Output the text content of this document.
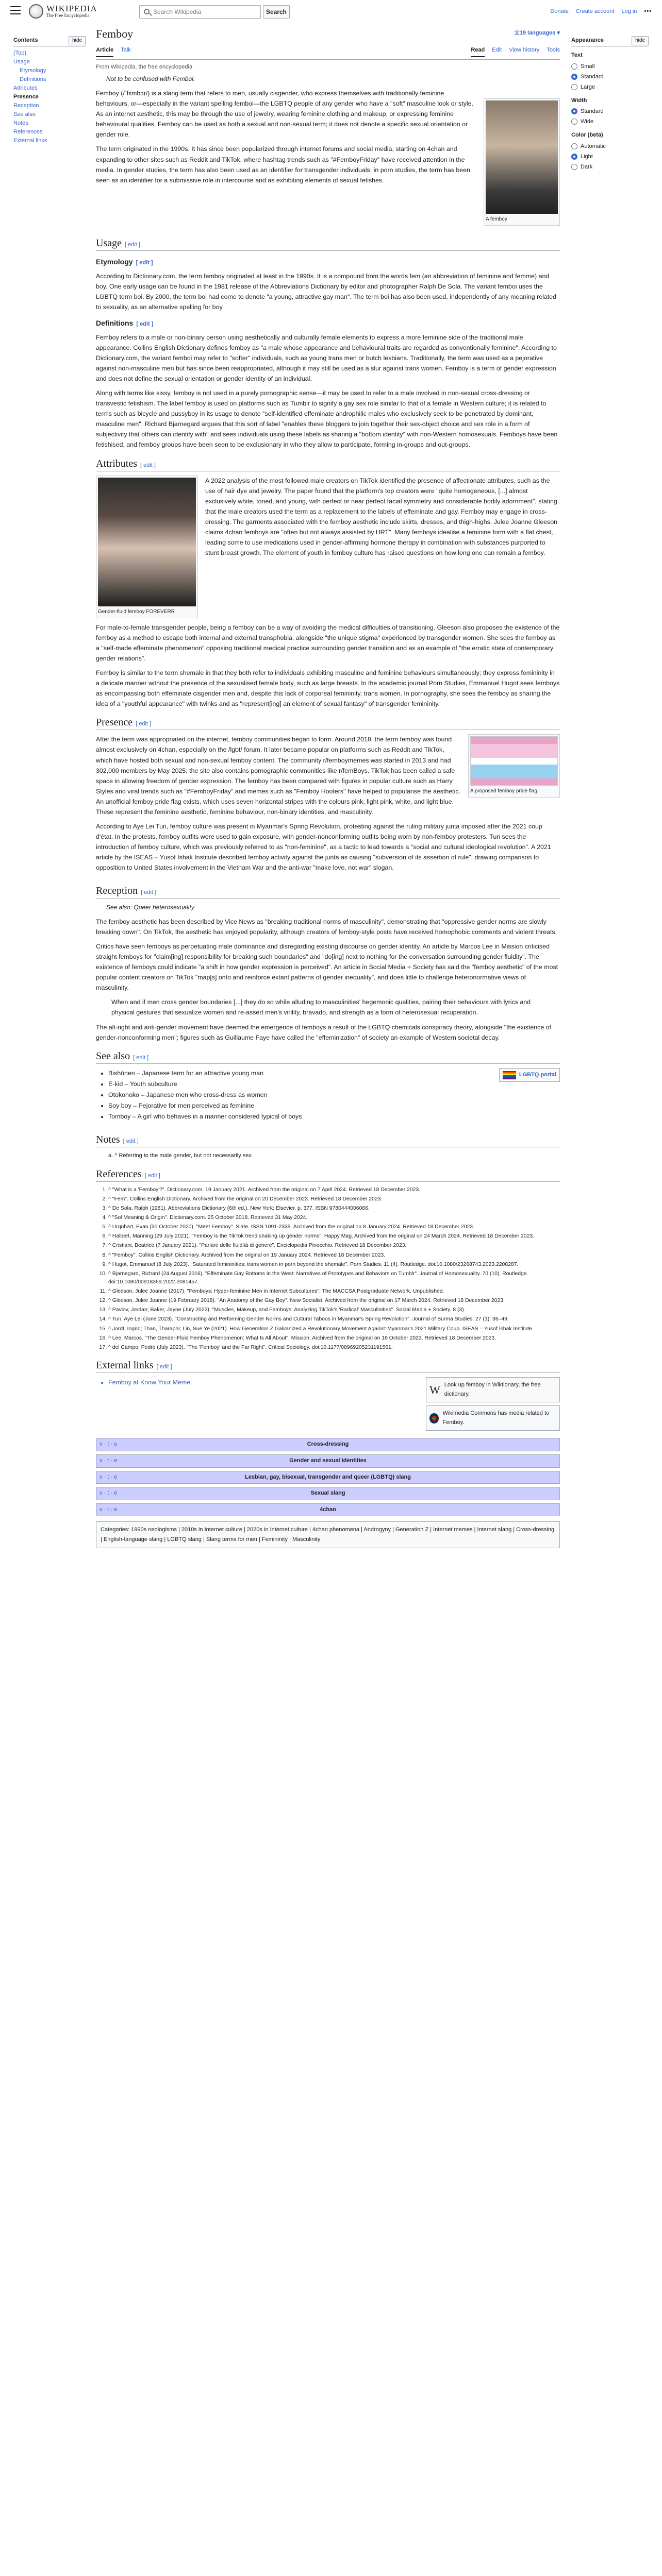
WIKIPEDIA
The Free Encyclopedia	Search Wikipedia	Search	Donate Create account Log in •••
Contents	hide
(Top)
Usage
Etymology
Definitions
Attributes
Presence
Reception
See also
Notes
References
External links
Appearance	hide
Text
Small
Standard
Large
Width
Standard
Wide
Color (beta)
Automatic
Light
Dark
Femboy	文19 languages ▾
Article Talk	Read Edit View history Tools
From Wikipedia, the free encyclopedia
Not to be confused with Femboi.
A femboy

Femboy (/ˈfɛmbɔɪ/) is a slang term that refers to men, usually cisgender, who express themselves with traditionally feminine behaviours, or—especially in the variant spelling femboi—the LGBTQ people of any gender who have a "soft" masculine look or style. As an internet aesthetic, this may be through the use of jewelry, wearing feminine clothing and makeup, or expressing feminine behavioural qualities. Femboy can be used as both a sexual and non-sexual term; it does not denote a specific sexual orientation or gender role.

The term originated in the 1990s. It has since been popularized through internet forums and social media, starting on 4chan and expanding to other sites such as Reddit and TikTok, where hashtag trends such as "#FemboyFriday" have received attention in the media. In gender studies, the term has also been used as an identifier for transgender individuals; in porn studies, the term has been seen as an identifier for a submissive role in intercourse and as exhibiting elements of sexual fetishes.

Usage [ edit ]
Etymology [ edit ]

According to Dictionary.com, the term femboy originated at least in the 1990s. It is a compound from the words fem (an abbreviation of feminine and femme) and boy. One early usage can be found in the 1981 release of the Abbreviations Dictionary by editor and photographer Ralph De Sola. The variant femboi uses the LGBTQ term boi. By 2000, the term boi had come to denote "a young, attractive gay man". The term boi has also been used, independently of any meaning related to sexuality, as an alternative spelling for boy.

Definitions [ edit ]

Femboy refers to a male or non-binary person using aesthetically and culturally female elements to express a more feminine side of the traditional male appearance. Collins English Dictionary defines femboy as "a male whose appearance and behavioural traits are regarded as conventionally feminine". According to Dictionary.com, the variant femboi may refer to "softer" individuals, such as young trans men or butch lesbians. Traditionally, the term was used as a pejorative against non-masculine men but has since been reappropriated, although it may still be used as a slur against trans women. Femboy is a term of gender expression and does not define the sexual orientation or gender identity of an individual.

Along with terms like sissy, femboy is not used in a purely pornographic sense—it may be used to refer to a male involved in non-sexual cross-dressing or transvestic fetishism. The label femboy is used on platforms such as Tumblr to signify a gay sex role similar to that of a female in Western culture; it is related to terms such as bicycle and pussyboy in its usage to denote "self-identified effeminate androphilic males who exclusively seek to be penetrated by dominant, masculine men". Richard Bjarnegard argues that this sort of label "enables these bloggers to join together their sex-object choice and sex role in a form of subjectivity that others can identify with" and sees individuals using these labels as sharing a "bottom identity" with non-Western homosexuals. Femboys have been fetishised, and femboy groups have been seen to be exclusionary in who they allow to participate, forming in-groups and out-groups.

Attributes [ edit ]
Gender-fluid femboy FOREVERR

A 2022 analysis of the most followed male creators on TikTok identified the presence of affectionate attributes, such as the use of hair dye and jewelry. The paper found that the platform's top creators were "quite homogeneous, [...] almost exclusively white, toned, and young, with perfect or near perfect facial symmetry and considerable bodily adornment", stating that the male creators used the term as a replacement to the labels of effeminate and gay. Femboy may engage in cross-dressing. The garments associated with the femboy aesthetic include skirts, dresses, and thigh-highs. Julee Joanne Gleeson claims 4chan femboys are "often but not always assisted by HRT". Many femboys idealise a feminine form with a flat chest, leading some to use medications used in gender-affirming hormone therapy in combination with substances purported to stunt breast growth. The element of youth in femboy culture has raised questions on how long one can remain a femboy.

For male-to-female transgender people, being a femboy can be a way of avoiding the medical difficulties of transitioning. Gleeson also proposes the existence of the femboy as a method to escape both internal and external transphobia, alongside "the unique stigma" experienced by transgender women. She sees the femboy as a "self-made effeminate phenomenon" opposing traditional medical practice surrounding gender transition and as an example of "the erratic state of contemporary gender relations".

Femboy is similar to the term shemale in that they both refer to individuals exhibiting masculine and feminine behaviours simultaneously; they express femininity in a delicate manner without the presence of the sexualised female body, such as large breasts. In the academic journal Porn Studies, Emmanuel Hugot sees femboys as encompassing both effeminate cisgender men and, despite this lack of corporeal femininity, trans women. In pornography, she sees the femboy as sharing the idea of a "youthful appearance" with twinks and as "represent[ing] an element of sexual fantasy" of transgender femininity.

Presence [ edit ]
A proposed femboy pride flag

After the term was appropriated on the internet, femboy communities began to form. Around 2018, the term femboy was found almost exclusively on 4chan, especially on the /lgbt/ forum. It later became popular on platforms such as Reddit and TikTok, which have hosted both sexual and non-sexual femboy content. The community r/femboymemes was started in 2013 and had 302,000 members by May 2025; the site also contains pornographic communities like r/femBoys. TikTok has been called a safe space in allowing freedom of gender expression. The femboy has been compared with figures in popular culture such as Harry Styles and viral trends such as "#FemboyFriday" and memes such as "Femboy Hooters" have helped to popularise the aesthetic. An unofficial femboy pride flag exists, which uses seven horizontal stripes with the colours pink, light pink, white, and light blue. These represent the feminine aesthetic, feminine behaviour, non-binary identities, and masculinity.

According to Aye Lei Tun, femboy culture was present in Myanmar's Spring Revolution, protesting against the ruling military junta imposed after the 2021 coup d'état. In the protests, femboy outfits were used to gain exposure, with gender-nonconforming outfits being worn by non-femboy protesters. Tun sees the introduction of femboy culture, which was previously referred to as "non-feminine", as a tactic to lead towards a "social and cultural ideological revolution". A 2021 article by the ISEAS – Yusof Ishak Institute described femboy activity against the junta as causing "subversion of its assertion of rule", drawing comparison to opposition to United States involvement in the Vietnam War and the anti-war "make love, not war" slogan.

Reception [ edit ]
See also: Queer heterosexuality

The femboy aesthetic has been described by Vice News as "breaking traditional norms of masculinity", demonstrating that "oppressive gender norms are slowly breaking down". On TikTok, the aesthetic has enjoyed popularity, although creators of femboy-style posts have received homophobic comments and violent threats.

Critics have seen femboys as perpetuating male dominance and disregarding existing discourse on gender identity. An article by Marcos Lee in Mission criticised straight femboys for "claim[ing] responsibility for breaking such boundaries" and "do[ing] next to nothing for the conversation surrounding gender fluidity". The existence of femboys could indicate "a shift in how gender expression is perceived". An article in Social Media + Society has said the "femboy aesthetic" of the most popular content creators on TikTok "map[s] onto and reinforce extant patterns of gender inequality", and does little to challenge heteronormative views of masculinity.

When and if men cross gender boundaries [...] they do so while alluding to masculinities' hegemonic qualities, pairing their behaviours with lyrics and physical gestures that sexualize women and re-assert men's virility, bravado, and strength as a form of heterosexual recuperation.

The alt-right and anti-gender movement have deemed the emergence of femboys a result of the LGBTQ chemicals conspiracy theory, alongside "the existence of gender-nonconforming men"; figures such as Guillaume Faye have called the "effeminization" of society an example of Western societal decay.

See also [ edit ]
LGBTQ portal
• Bishōnen – Japanese term for an attractive young man
• E-kid – Youth subculture
• Otokonoko – Japanese men who cross-dress as women
• Soy boy – Pejorative for men perceived as feminine
• Tomboy – A girl who behaves in a manner considered typical of boys
Notes [ edit ]
a. ^ Referring to the male gender, but not necessarily sex
References [ edit ]
1. ^ "What is a 'Femboy'?". Dictionary.com. 19 January 2021. Archived from the original on 7 April 2024. Retrieved 18 December 2023.
2. ^ "Fem". Collins English Dictionary. Archived from the original on 20 December 2023. Retrieved 18 December 2023.
3. ^ De Sola, Ralph (1981). Abbreviations Dictionary (6th ed.). New York: Elsevier. p. 377. ISBN 9780444006066.
4. ^ "Sol Meaning & Origin". Dictionary.com. 25 October 2018. Retrieved 31 May 2024.
5. ^ Urquhart, Evan (31 October 2020). "Meet Femboy". Slate. ISSN 1091-2339. Archived from the original on 8 January 2024. Retrieved 18 December 2023.
6. ^ Halbert, Manning (29 July 2021). "Femboy is the TikTok trend shaking up gender norms". Happy Mag. Archived from the original on 24 March 2024. Retrieved 18 December 2023.
7. ^ Cristiani, Beatrice (7 January 2021). "Parlare delle fluidità di genere". Enciclopedia Pinocchio. Retrieved 18 December 2023.
8. ^ "Femboy". Collins English Dictionary. Archived from the original on 19 January 2024. Retrieved 18 December 2023.
9. ^ Hugot, Emmanuel (8 July 2023). "Saturated femininities: trans women in porn beyond the shemale". Porn Studies. 11 (4). Routledge. doi:10.1080/23268743.2023.2208287.
10. ^ Bjarnegard, Richard (24 August 2016). "Effeminate Gay Bottoms in the West: Narratives of Prototypes and Behaviors on Tumblr". Journal of Homosexuality. 70 (10). Routledge. doi:10.1080/00918369.2022.2081457.
11. ^ Gleeson, Julee Joanne (2017). "Femboys: Hyper-feminine Men in Internet Subcultures". The MACCSA Postgraduate Network. Unpublished.
12. ^ Gleeson, Julee Joanne (19 February 2018). "An Anatomy of the Gay Boy". New Socialist. Archived from the original on 17 March 2024. Retrieved 18 December 2023.
13. ^ Pavlov, Jordan; Baker, Jayne (July 2022). "Muscles, Makeup, and Femboys: Analyzing TikTok's 'Radical' Masculinities". Social Media + Society. 8 (3).
14. ^ Tun, Aye Lei (June 2023). "Constructing and Performing Gender Norms and Cultural Taboos in Myanmar's Spring Revolution". Journal of Burma Studies. 27 (1): 36–49.
15. ^ Jordt, Ingrid; Than, Tharaphi; Lin, Sue Ye (2021). How Generation Z Galvanized a Revolutionary Movement Against Myanmar's 2021 Military Coup. ISEAS – Yusof Ishak Institute.
16. ^ Lee, Marcos. "The Gender-Fluid Femboy Phenomenon: What Is All About". Mission. Archived from the original on 16 October 2023. Retrieved 18 December 2023.
17. ^ del Campo, Pedro (July 2023). "The 'Femboy' and the Far Right". Critical Sociology. doi:10.1177/08969205231191561.
External links [ edit ]
W Look up femboy in Wiktionary, the free dictionary.
Wikimedia Commons has media related to Femboy.
• Femboy at Know Your Meme
v · t · e	Cross-dressing
v · t · e	Gender and sexual identities
v · t · e	Lesbian, gay, bisexual, transgender and queer (LGBTQ) slang
v · t · e	Sexual slang
v · t · e	4chan
Categories: 1990s neologisms | 2010s in Internet culture | 2020s in Internet culture | 4chan phenomena | Androgyny | Generation Z | Internet memes | Internet slang | Cross-dressing | English-language slang | LGBTQ slang | Slang terms for men | Femininity | Masculinity
